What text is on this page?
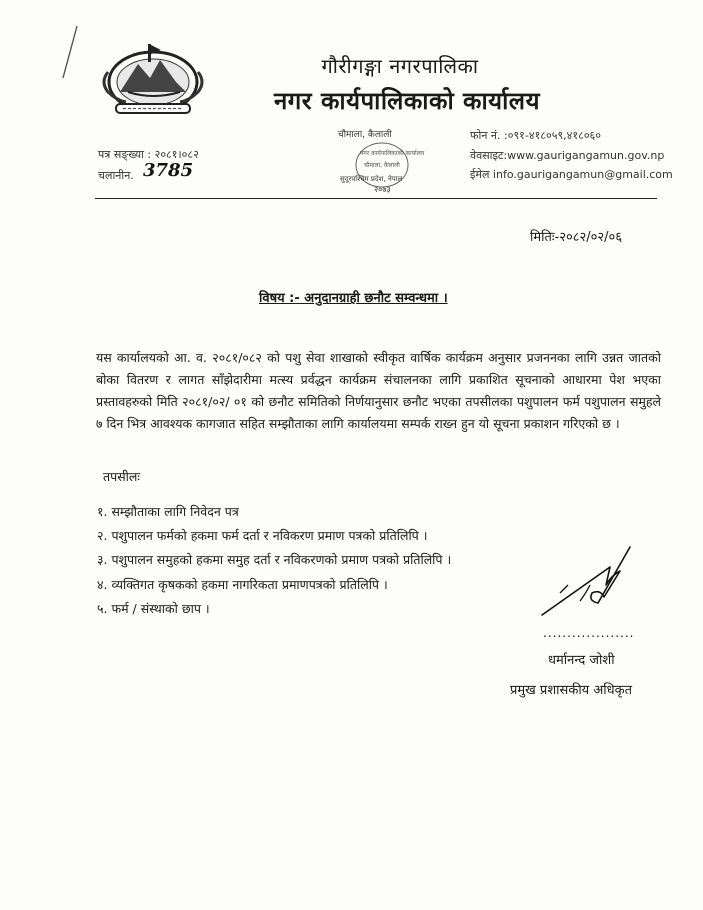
गौरीगङ्गा नगरपालिका
नगर कार्यपालिकाको कार्यालय
पत्र सङ्ख्या : २०८१।०८२
चलानीन. 3785
चौमाला, कैलाली
नगर कार्यपालिकाको कार्यालय
चौमाला, कैलाली
सुदूरपश्चिम प्रदेश, नेपाल
२०७३
फोन नं. :०९१-४१८०५९,४१८०६०
वेवसाइट:www.gaurigangamun.gov.np
ईमेल info.gaurigangamun@gmail.com
मितिः-२०८२/०२/०६
विषय :- अनुदानग्राही छनौट सम्वन्धमा ।
यस कार्यालयको आ. व. २०८१/०८२ को पशु सेवा शाखाको स्वीकृत वार्षिक कार्यक्रम अनुसार प्रजननका लागि उन्नत जातको बोका वितरण र लागत साँझेदारीमा मत्स्य प्रर्वद्धन कार्यक्रम संचालनका लागि प्रकाशित सूचनाको आधारमा पेश भएका प्रस्तावहरुको मिति २०८१/०२/ ०१ को छनौट समितिको निर्णयानुसार छनौट भएका तपसीलका पशुपालन फर्म पशुपालन समुहले ७ दिन भित्र आवश्यक कागजात सहित सम्झौताका लागि कार्यालयमा सम्पर्क राख्न हुन यो सूचना प्रकाशन गरिएको छ ।
तपसीलः
१. सम्झौताका लागि निवेदन पत्र
२. पशुपालन फर्मको हकमा फर्म दर्ता र नविकरण प्रमाण पत्रको प्रतिलिपि ।
३. पशुपालन समुहको हकमा समुह दर्ता र नविकरणको प्रमाण पत्रको प्रतिलिपि ।
४. व्यक्तिगत कृषकको हकमा नागरिकता प्रमाणपत्रको प्रतिलिपि ।
५. फर्म / संस्थाको छाप ।
...................
धर्मानन्द जोशी
प्रमुख प्रशासकीय अधिकृत
